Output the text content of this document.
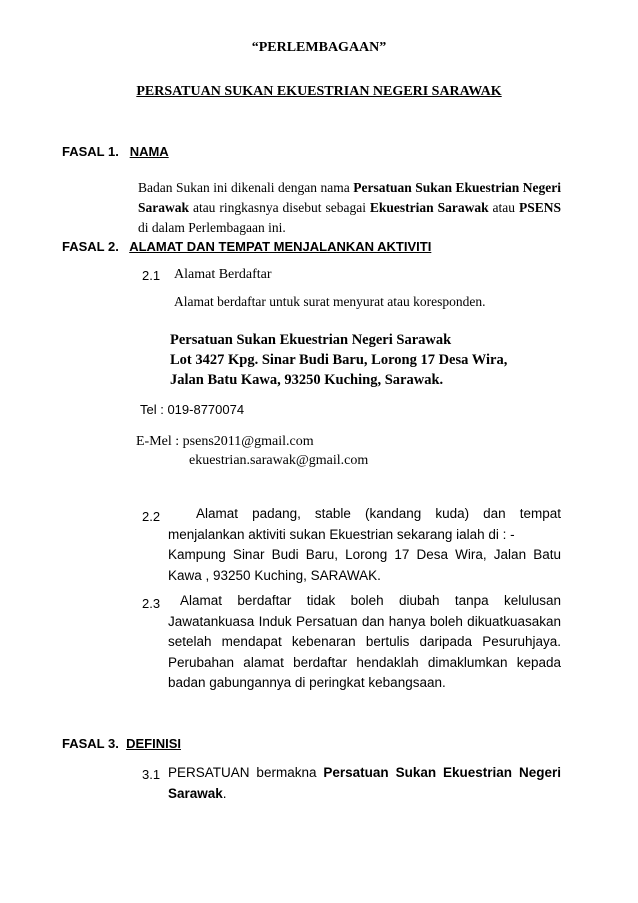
“PERLEMBAGAAN”
PERSATUAN SUKAN EKUESTRIAN NEGERI SARAWAK
FASAL 1. NAMA
Badan Sukan ini dikenali dengan nama Persatuan Sukan Ekuestrian Negeri Sarawak atau ringkasnya disebut sebagai Ekuestrian Sarawak atau PSENS di dalam Perlembagaan ini.
FASAL 2. ALAMAT DAN TEMPAT MENJALANKAN AKTIVITI
2.1 Alamat Berdaftar
Alamat berdaftar untuk surat menyurat atau koresponden.
Persatuan Sukan Ekuestrian Negeri Sarawak
Lot 3427 Kpg. Sinar Budi Baru, Lorong 17 Desa Wira,
Jalan Batu Kawa, 93250 Kuching, Sarawak.
Tel : 019-8770074
E-Mel : psens2011@gmail.com
ekuestrian.sarawak@gmail.com
2.2	Alamat padang, stable (kandang kuda) dan tempat menjalankan aktiviti sukan Ekuestrian sekarang ialah di : -
Kampung Sinar Budi Baru, Lorong 17 Desa Wira, Jalan Batu Kawa , 93250 Kuching, SARAWAK.
2.3	Alamat berdaftar tidak boleh diubah tanpa kelulusan Jawatankuasa Induk Persatuan dan hanya boleh dikuatkuasakan setelah mendapat kebenaran bertulis daripada Pesuruhjaya. Perubahan alamat berdaftar hendaklah dimaklumkan kepada badan gabungannya di peringkat kebangsaan.
FASAL 3. DEFINISI
3.1 PERSATUAN bermakna Persatuan Sukan Ekuestrian Negeri Sarawak.
